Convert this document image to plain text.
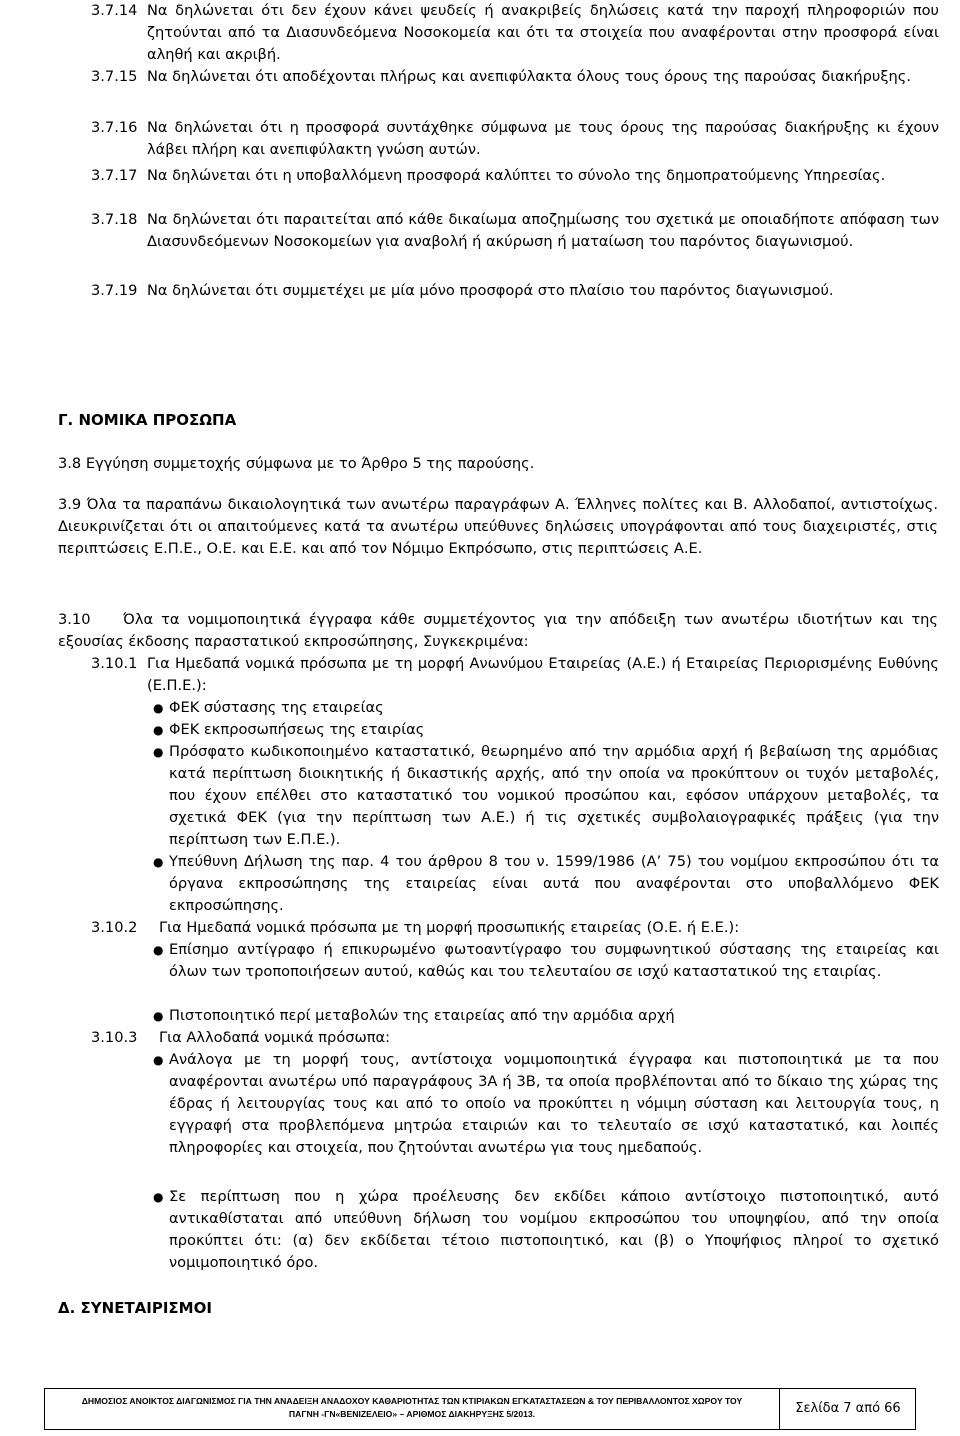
3.7.14 Να δηλώνεται ότι δεν έχουν κάνει ψευδείς ή ανακριβείς δηλώσεις κατά την παροχή πληροφοριών που ζητούνται από τα Διασυνδεόμενα Νοσοκομεία και ότι τα στοιχεία που αναφέρονται στην προσφορά είναι αληθή και ακριβή.

3.7.15 Να δηλώνεται ότι αποδέχονται πλήρως και ανεπιφύλακτα όλους τους όρους της παρούσας διακήρυξης.

3.7.16 Να δηλώνεται ότι η προσφορά συντάχθηκε σύμφωνα με τους όρους της παρούσας διακήρυξης κι έχουν λάβει πλήρη και ανεπιφύλακτη γνώση αυτών.

3.7.17 Να δηλώνεται ότι η υποβαλλόμενη προσφορά καλύπτει το σύνολο της δημοπρατούμενης Υπηρεσίας.

3.7.18 Να δηλώνεται ότι παραιτείται από κάθε δικαίωμα αποζημίωσης του σχετικά με οποιαδήποτε απόφαση των Διασυνδεόμενων Νοσοκομείων για αναβολή ή ακύρωση ή ματαίωση του παρόντος διαγωνισμού.

3.7.19 Να δηλώνεται ότι συμμετέχει με μία μόνο προσφορά στο πλαίσιο του παρόντος διαγωνισμού.

Γ. ΝΟΜΙΚΑ ΠΡΟΣΩΠΑ

3.8 Εγγύηση συμμετοχής σύμφωνα με το Άρθρο 5 της παρούσης.

3.9 Όλα τα παραπάνω δικαιολογητικά των ανωτέρω παραγράφων Α. Έλληνες πολίτες και Β. Αλλοδαποί, αντιστοίχως. Διευκρινίζεται ότι οι απαιτούμενες κατά τα ανωτέρω υπεύθυνες δηλώσεις υπογράφονται από τους διαχειριστές, στις περιπτώσεις Ε.Π.Ε., Ο.Ε. και Ε.Ε. και από τον Νόμιμο Εκπρόσωπο, στις περιπτώσεις Α.Ε.

3.10	Όλα τα νομιμοποιητικά έγγραφα κάθε συμμετέχοντος για την απόδειξη των ανωτέρω ιδιοτήτων και της εξουσίας έκδοσης παραστατικού εκπροσώπησης, Συγκεκριμένα:

3.10.1 Για Ημεδαπά νομικά πρόσωπα με τη μορφή Ανωνύμου Εταιρείας (Α.Ε.) ή Εταιρείας Περιορισμένης Ευθύνης (Ε.Π.Ε.):

● ΦΕΚ σύστασης της εταιρείας

● ΦΕΚ εκπροσωπήσεως της εταιρίας

● Πρόσφατο κωδικοποιημένο καταστατικό, θεωρημένο από την αρμόδια αρχή ή βεβαίωση της αρμόδιας κατά περίπτωση διοικητικής ή δικαστικής αρχής, από την οποία να προκύπτουν οι τυχόν μεταβολές, που έχουν επέλθει στο καταστατικό του νομικού προσώπου και, εφόσον υπάρχουν μεταβολές, τα σχετικά ΦΕΚ (για την περίπτωση των Α.Ε.) ή τις σχετικές συμβολαιογραφικές πράξεις (για την περίπτωση των Ε.Π.Ε.).

● Υπεύθυνη Δήλωση της παρ. 4 του άρθρου 8 του ν. 1599/1986 (Α’ 75) του νομίμου εκπροσώπου ότι τα όργανα εκπροσώπησης της εταιρείας είναι αυτά που αναφέρονται στο υποβαλλόμενο ΦΕΚ εκπροσώπησης.

3.10.2 Για Ημεδαπά νομικά πρόσωπα με τη μορφή προσωπικής εταιρείας (Ο.Ε. ή Ε.Ε.):

● Επίσημο αντίγραφο ή επικυρωμένο φωτοαντίγραφο του συμφωνητικού σύστασης της εταιρείας και όλων των τροποποιήσεων αυτού, καθώς και του τελευταίου σε ισχύ καταστατικού της εταιρίας.

● Πιστοποιητικό περί μεταβολών της εταιρείας από την αρμόδια αρχή

3.10.3 Για Αλλοδαπά νομικά πρόσωπα:

● Ανάλογα με τη μορφή τους, αντίστοιχα νομιμοποιητικά έγγραφα και πιστοποιητικά με τα που αναφέρονται ανωτέρω υπό παραγράφους 3Α ή 3Β, τα οποία προβλέπονται από το δίκαιο της χώρας της έδρας ή λειτουργίας τους και από το οποίο να προκύπτει η νόμιμη σύσταση και λειτουργία τους, η εγγραφή στα προβλεπόμενα μητρώα εταιριών και το τελευταίο σε ισχύ καταστατικό, και λοιπές πληροφορίες και στοιχεία, που ζητούνται ανωτέρω για τους ημεδαπούς.

● Σε περίπτωση που η χώρα προέλευσης δεν εκδίδει κάποιο αντίστοιχο πιστοποιητικό, αυτό αντικαθίσταται από υπεύθυνη δήλωση του νομίμου εκπροσώπου του υποψηφίου, από την οποία προκύπτει ότι: (α) δεν εκδίδεται τέτοιο πιστοποιητικό, και (β) ο Υποψήφιος πληροί το σχετικό νομιμοποιητικό όρο.

Δ. ΣΥΝΕΤΑΙΡΙΣΜΟΙ
ΔΗΜΟΣΙΟΣ ΑΝΟΙΚΤΟΣ ΔΙΑΓΩΝΙΣΜΟΣ ΓΙΑ ΤΗΝ ΑΝΑΔΕΙΞΗ ΑΝΑΔΟΧΟΥ ΚΑΘΑΡΙΟΤΗΤΑΣ ΤΩΝ ΚΤΙΡΙΑΚΩΝ ΕΓΚΑΤΑΣΤΑΣΕΩΝ & ΤΟΥ ΠΕΡΙΒΑΛΛΟΝΤΟΣ ΧΩΡΟΥ ΤΟΥ
ΠΑΓΝΗ -ΓΝ«ΒΕΝΙΖΕΛΕΙΟ» – ΑΡΙΘΜΟΣ ΔΙΑΚΗΡΥΞΗΣ 5/2013.	Σελίδα 7 από 66
